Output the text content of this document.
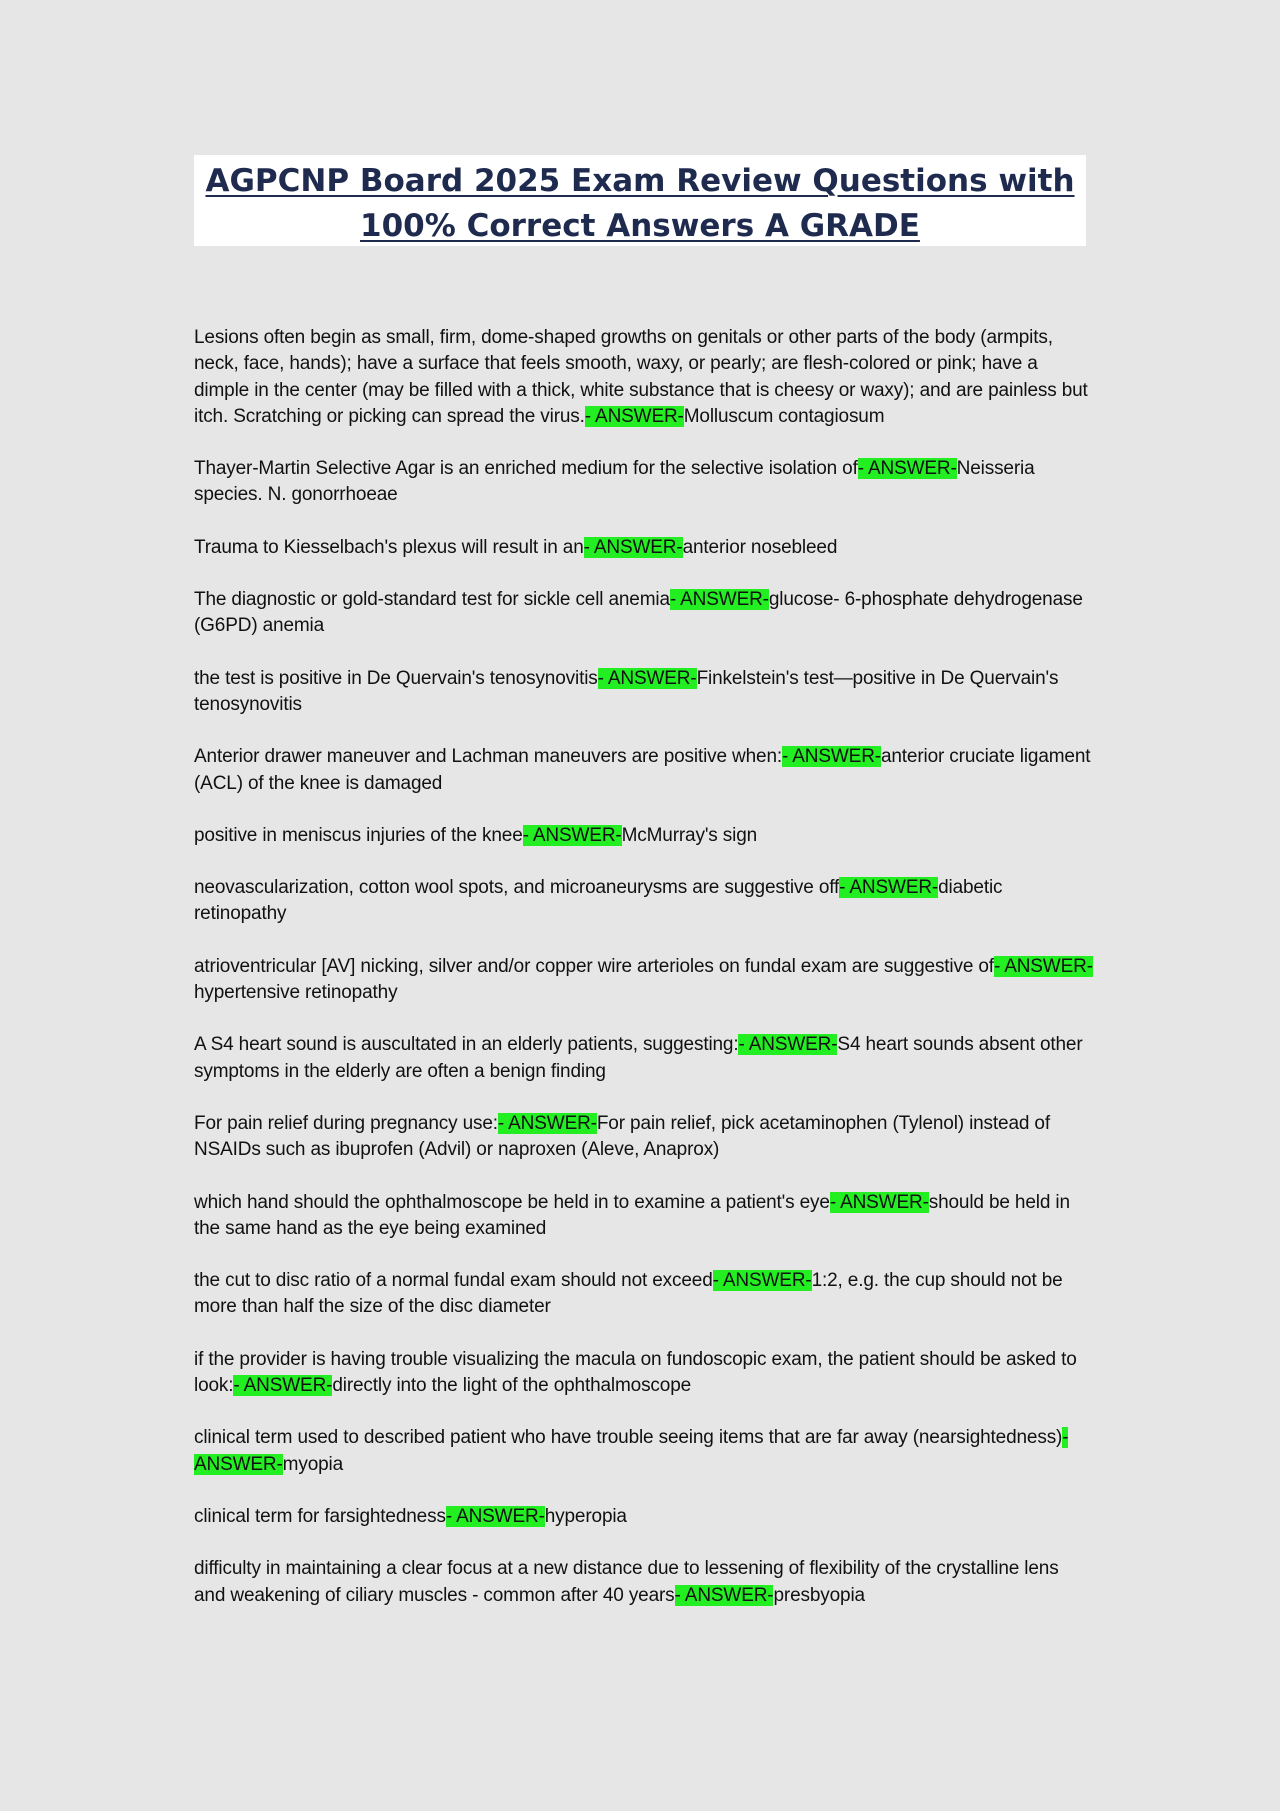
AGPCNP Board 2025 Exam Review Questions with
100% Correct Answers A GRADE

Lesions often begin as small, firm, dome-shaped growths on genitals or other parts of the body (armpits, neck, face, hands); have a surface that feels smooth, waxy, or pearly; are flesh-colored or pink; have a dimple in the center (may be filled with a thick, white substance that is cheesy or waxy); and are painless but itch. Scratching or picking can spread the virus.- ANSWER-Molluscum contagiosum

Thayer-Martin Selective Agar is an enriched medium for the selective isolation of- ANSWER-Neisseria species. N. gonorrhoeae

Trauma to Kiesselbach's plexus will result in an- ANSWER-anterior nosebleed

The diagnostic or gold-standard test for sickle cell anemia- ANSWER-glucose- 6-phosphate dehydrogenase (G6PD) anemia

the test is positive in De Quervain's tenosynovitis- ANSWER-Finkelstein's test—positive in De Quervain's tenosynovitis

Anterior drawer maneuver and Lachman maneuvers are positive when:- ANSWER-anterior cruciate ligament (ACL) of the knee is damaged

positive in meniscus injuries of the knee- ANSWER-McMurray's sign

neovascularization, cotton wool spots, and microaneurysms are suggestive off- ANSWER-diabetic retinopathy

atrioventricular [AV] nicking, silver and/or copper wire arterioles on fundal exam are suggestive of- ANSWER-hypertensive retinopathy

A S4 heart sound is auscultated in an elderly patients, suggesting:- ANSWER-S4 heart sounds absent other symptoms in the elderly are often a benign finding

For pain relief during pregnancy use:- ANSWER-For pain relief, pick acetaminophen (Tylenol) instead of NSAIDs such as ibuprofen (Advil) or naproxen (Aleve, Anaprox)

which hand should the ophthalmoscope be held in to examine a patient's eye- ANSWER-should be held in the same hand as the eye being examined

the cut to disc ratio of a normal fundal exam should not exceed- ANSWER-1:2, e.g. the cup should not be more than half the size of the disc diameter

if the provider is having trouble visualizing the macula on fundoscopic exam, the patient should be asked to look:- ANSWER-directly into the light of the ophthalmoscope

clinical term used to described patient who have trouble seeing items that are far away (nearsightedness)- ANSWER-myopia

clinical term for farsightedness- ANSWER-hyperopia

difficulty in maintaining a clear focus at a new distance due to lessening of flexibility of the crystalline lens and weakening of ciliary muscles - common after 40 years- ANSWER-presbyopia
